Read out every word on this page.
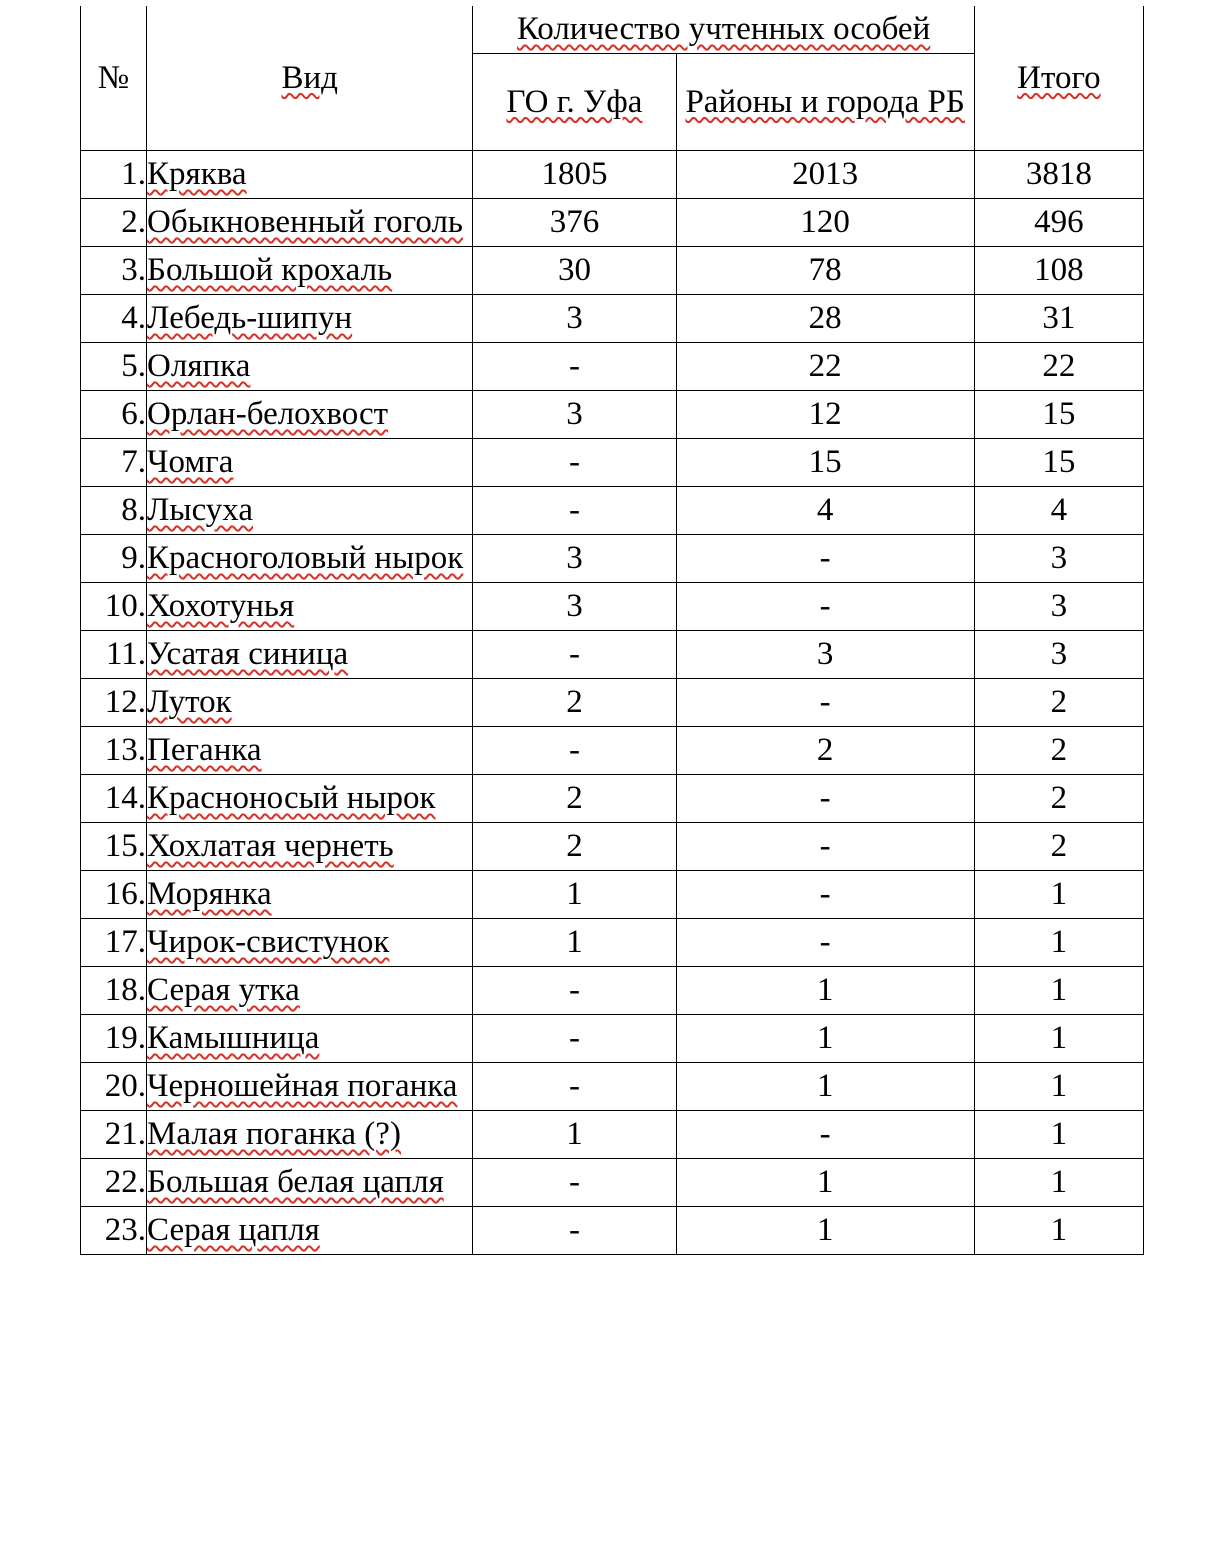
№	Вид	Количество учтенных особей		Итого
		ГО г. Уфа	Районы и города РБ	
1.	Кряква	1805	2013	3818
2.	Обыкновенный гоголь	376	120	496
3.	Большой крохаль	30	78	108
4.	Лебедь-шипун	3	28	31
5.	Оляпка	-	22	22
6.	Орлан-белохвост	3	12	15
7.	Чомга	-	15	15
8.	Лысуха	-	4	4
9.	Красноголовый нырок	3	-	3
10.	Хохотунья	3	-	3
11.	Усатая синица	-	3	3
12.	Луток	2	-	2
13.	Пеганка	-	2	2
14.	Красноносый нырок	2	-	2
15.	Хохлатая чернеть	2	-	2
16.	Морянка	1	-	1
17.	Чирок-свистунок	1	-	1
18.	Серая утка	-	1	1
19.	Камышница	-	1	1
20.	Черношейная поганка	-	1	1
21.	Малая поганка (?)	1	-	1
22.	Большая белая цапля	-	1	1
23.	Серая цапля	-	1	1
